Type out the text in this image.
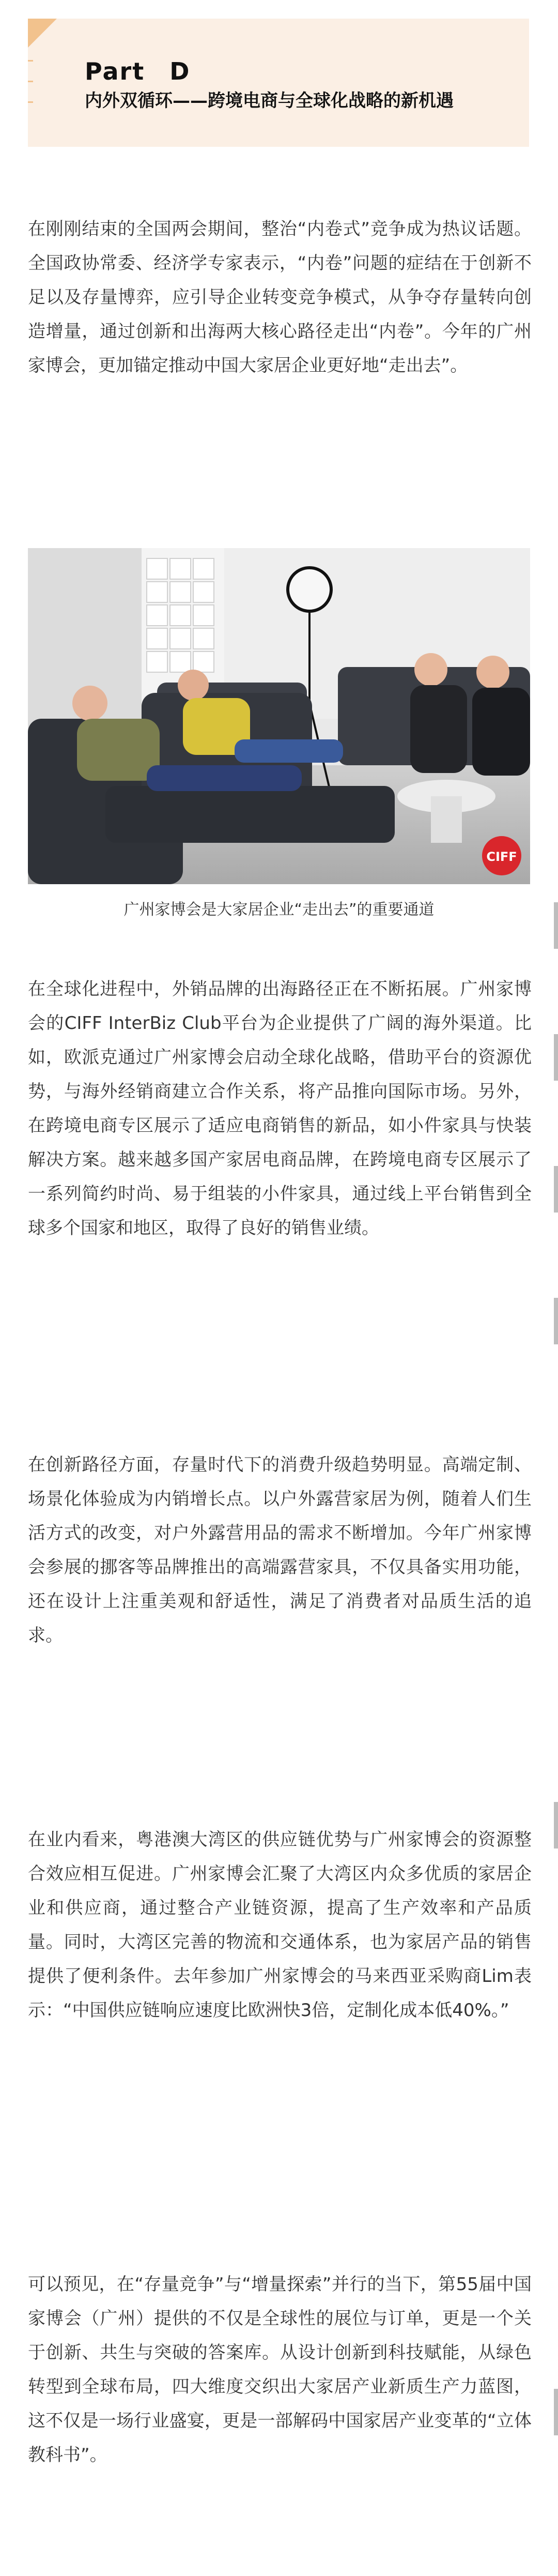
Part　D
内外双循环——跨境电商与全球化战略的新机遇

在刚刚结束的全国两会期间，整治“内卷式”竞争成为热议话题。全国政协常委、经济学专家表示，“内卷”问题的症结在于创新不足以及存量博弈，应引导企业转变竞争模式，从争夺存量转向创造增量，通过创新和出海两大核心路径走出“内卷”。今年的广州家博会，更加锚定推动中国大家居企业更好地“走出去”。

CIFF
广州家博会是大家居企业“走出去”的重要通道

在全球化进程中，外销品牌的出海路径正在不断拓展。广州家博会的CIFF InterBiz Club平台为企业提供了广阔的海外渠道。比如，欧派克通过广州家博会启动全球化战略，借助平台的资源优势，与海外经销商建立合作关系，将产品推向国际市场。另外，在跨境电商专区展示了适应电商销售的新品，如小件家具与快装解决方案。越来越多国产家居电商品牌，在跨境电商专区展示了一系列简约时尚、易于组装的小件家具，通过线上平台销售到全球多个国家和地区，取得了良好的销售业绩。

在创新路径方面，存量时代下的消费升级趋势明显。高端定制、场景化体验成为内销增长点。以户外露营家居为例，随着人们生活方式的改变，对户外露营用品的需求不断增加。今年广州家博会参展的挪客等品牌推出的高端露营家具，不仅具备实用功能，还在设计上注重美观和舒适性，满足了消费者对品质生活的追求。

在业内看来，粤港澳大湾区的供应链优势与广州家博会的资源整合效应相互促进。广州家博会汇聚了大湾区内众多优质的家居企业和供应商，通过整合产业链资源，提高了生产效率和产品质量。同时，大湾区完善的物流和交通体系，也为家居产品的销售提供了便利条件。去年参加广州家博会的马来西亚采购商Lim表示：“中国供应链响应速度比欧洲快3倍，定制化成本低40%。”

可以预见，在“存量竞争”与“增量探索”并行的当下，第55届中国家博会（广州）提供的不仅是全球性的展位与订单，更是一个关于创新、共生与突破的答案库。从设计创新到科技赋能，从绿色转型到全球布局，四大维度交织出大家居产业新质生产力蓝图，这不仅是一场行业盛宴，更是一部解码中国家居产业变革的“立体教科书”。
